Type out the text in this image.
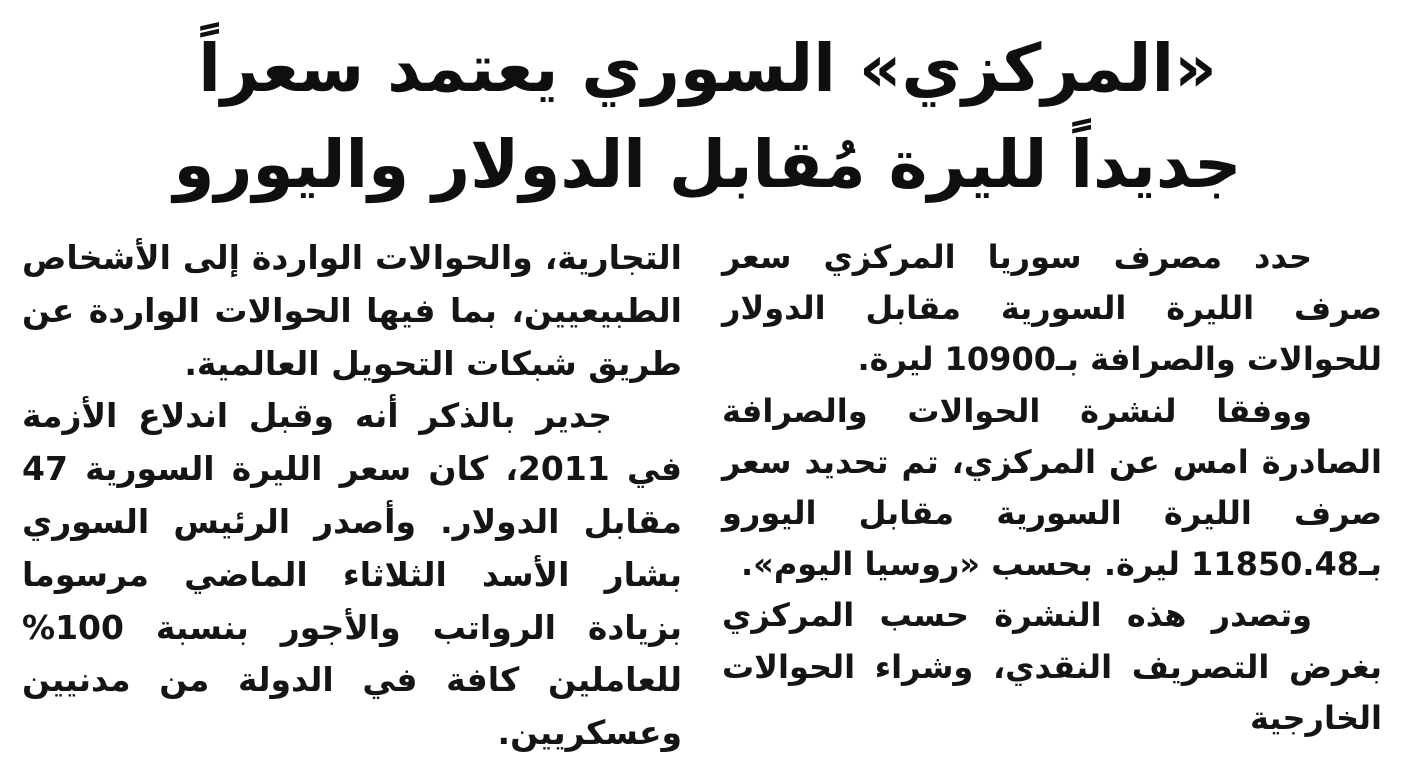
«المركزي» السوري يعتمد سعراً
جديداً لليرة مُقابل الدولار واليورو

حدد مصرف سوريا المركزي سعر صرف الليرة السورية مقابل الدولار للحوالات والصرافة بـ10900 ليرة.

ووفقا لنشرة الحوالات والصرافة الصادرة امس عن المركزي، تم تحديد سعر صرف الليرة السورية مقابل اليورو بـ11850.48 ليرة. بحسب «روسيا اليوم».

وتصدر هذه النشرة حسب المركزي بغرض التصريف النقدي، وشراء الحوالات الخارجية

التجارية، والحوالات الواردة إلى الأشخاص الطبيعيين، بما فيها الحوالات الواردة عن طريق شبكات التحويل العالمية.

جدير بالذكر أنه وقبل اندلاع الأزمة في 2011، كان سعر الليرة السورية 47 مقابل الدولار. وأصدر الرئيس السوري بشار الأسد الثلاثاء الماضي مرسوما بزيادة الرواتب والأجور بنسبة 100% للعاملين كافة في الدولة من مدنيين وعسكريين.
